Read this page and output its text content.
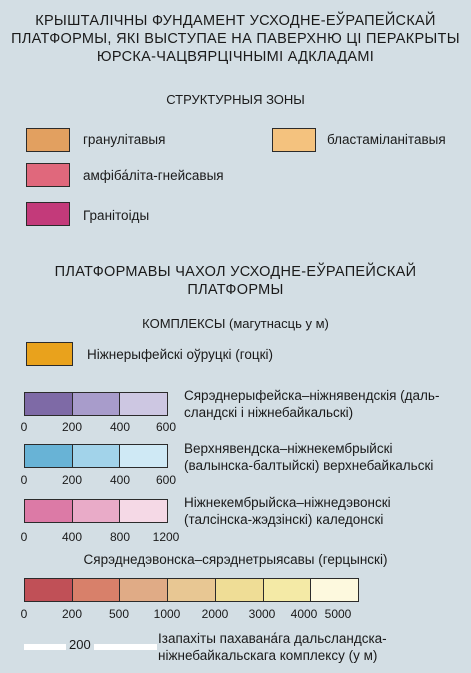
КРЫШТАЛІЧНЫ ФУНДАМЕНТ УСХОДНЕ-ЕЎРАПЕЙСКАЙ
ПЛАТФОРМЫ, ЯКІ ВЫСТУПАЕ НА ПАВЕРХНЮ ЦІ ПЕРАКРЫТЫ
ЮРСКА-ЧАЦВЯРЦІЧНЫМІ АДКЛАДАМІ
СТРУКТУРНЫЯ ЗОНЫ
гранулітавыя	бластаміланітавыя
амфіба́літа-гнейсавыя
Гранітоіды
ПЛАТФОРМАВЫ ЧАХОЛ УСХОДНЕ-ЕЎРАПЕЙСКАЙ
ПЛАТФОРМЫ
КОМПЛЕКСЫ (магутнасць у м)
Ніжнерыфейскі оўруцкі (гоцкі)
0	200 400 600
Сярэднерыфейска–ніжнявендскія (даль-
сландскі і ніжнебайкальскі)
0	200 400 600
Верхнявендска–ніжнекембрыйскі
(валынска-балтыйскі) верхнебайкальскі
0	400 800 1200
Ніжнекембрыйска–ніжнедэвонскі
(талсінска-жэдзінскі) каледонскі
Сярэднедэвонска–сярэднетрыясавы (герцынскі)
0	200 500 1000 2000 3000 4000 5000
200	Ізапахіты пахавана́га дальсландска-
ніжнебайкальскага комплексу (у м)
